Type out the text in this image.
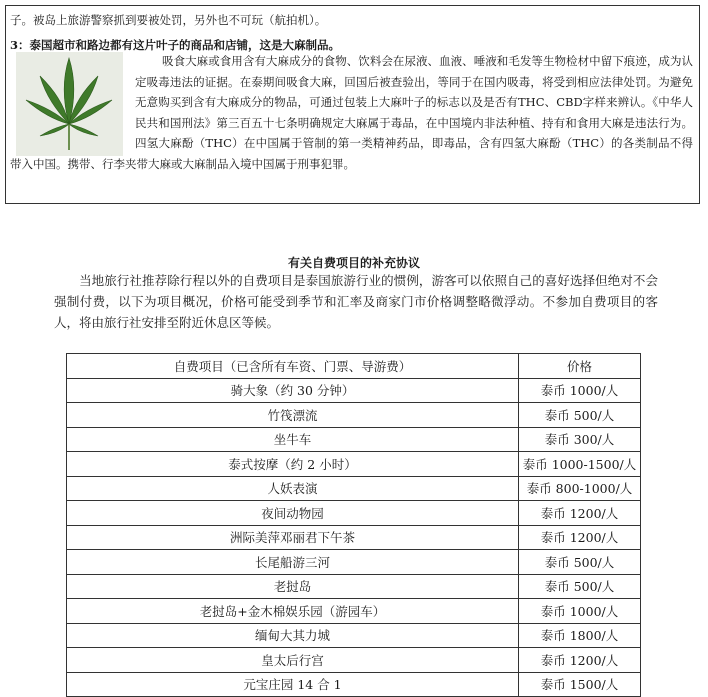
子。被岛上旅游警察抓到要被处罚，另外也不可玩（航拍机）。
3：泰国超市和路边都有这片叶子的商品和店铺，这是大麻制品。
吸食大麻或食用含有大麻成分的食物、饮料会在尿液、血液、唾液和毛发等生物检材中留下痕迹，成为认定吸毒违法的证据。在泰期间吸食大麻，回国后被查验出，等同于在国内吸毒，将受到相应法律处罚。为避免无意购买到含有大麻成分的物品，可通过包装上大麻叶子的标志以及是否有THC、CBD字样来辨认。《中华人民共和国刑法》第三百五十七条明确规定大麻属于毒品，在中国境内非法种植、持有和食用大麻是违法行为。四氢大麻酚（THC）在中国属于管制的第一类精神药品，即毒品，含有四氢大麻酚（THC）的各类制品不得带入中国。携带、行李夹带大麻或大麻制品入境中国属于刑事犯罪。
有关自费项目的补充协议
当地旅行社推荐除行程以外的自费项目是泰国旅游行业的惯例，游客可以依照自己的喜好选择但绝对不会强制付费，以下为项目概况，价格可能受到季节和汇率及商家门市价格调整略微浮动。不参加自费项目的客人，将由旅行社安排至附近休息区等候。
自费项目（已含所有车资、门票、导游费）	价格
骑大象（约 30 分钟）	泰币 1000/人
竹筏漂流	泰币 500/人
坐牛车	泰币 300/人
泰式按摩（约 2 小时）	泰币 1000-1500/人
人妖表演	泰币 800-1000/人
夜间动物园	泰币 1200/人
洲际美萍邓丽君下午茶	泰币 1200/人
长尾船游三河	泰币 500/人
老挝岛	泰币 500/人
老挝岛+金木棉娱乐园（游园车）	泰币 1000/人
缅甸大其力城	泰币 1800/人
皇太后行宫	泰币 1200/人
元宝庄园 14 合 1	泰币 1500/人
